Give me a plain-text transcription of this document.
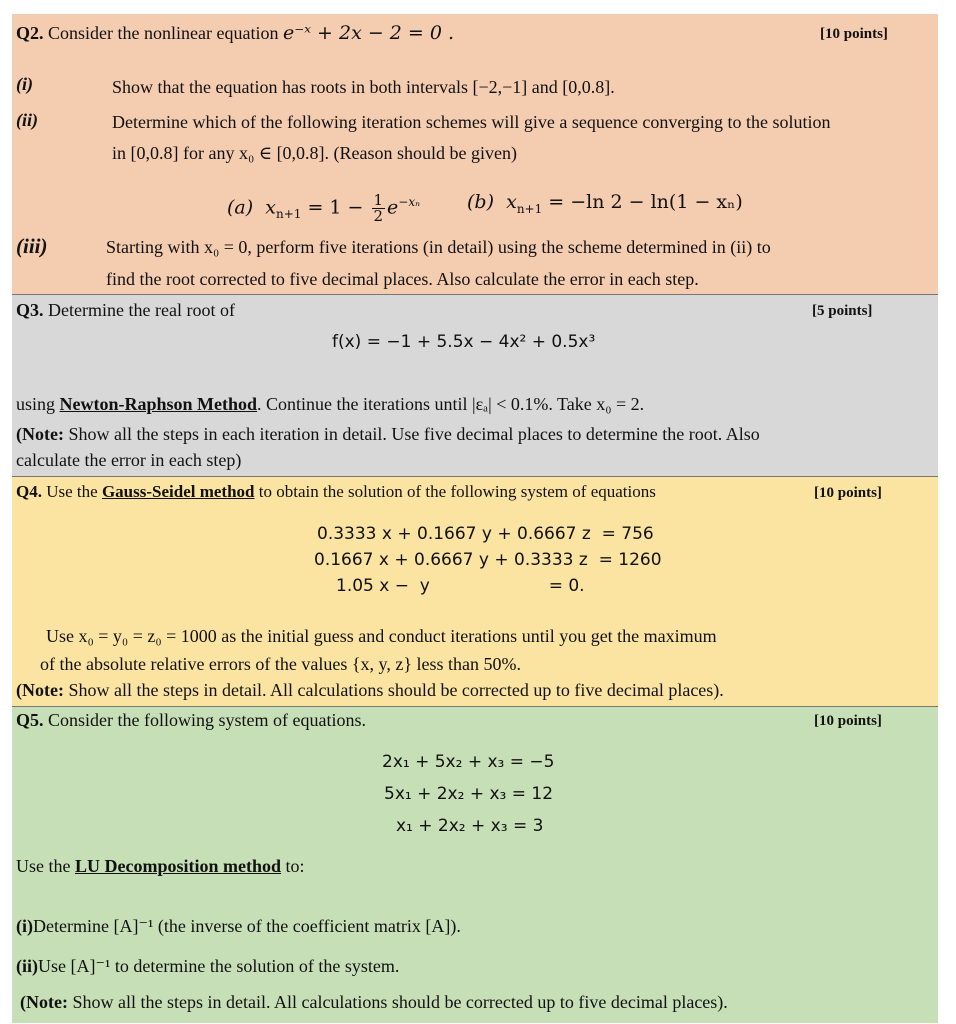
Q2. Consider the nonlinear equation e⁻ˣ + 2x − 2 = 0 .	[10 points]
(i)	Show that the equation has roots in both intervals [−2,−1] and [0,0.8].
(ii)	Determine which of the following iteration schemes will give a sequence converging to the solution
in [0,0.8] for any x₀ ∈ [0,0.8]. (Reason should be given)
(a) $x_{n+1} = 1 - \frac{1}{2} e^{-x_n}$ (b) $x_{n+1} = -\ln$ 2 − ln(1 − xₙ)
(iii)	Starting with x₀ = 0, perform five iterations (in detail) using the scheme determined in (ii) to
find the root corrected to five decimal places. Also calculate the error in each step.
Q3. Determine the real root of	[5 points]
f(x) = −1 + 5.5x − 4x² + 0.5x³
using Newton-Raphson Method. Continue the iterations until |εₐ| < 0.1%. Take x₀ = 2.
(Note: Show all the steps in each iteration in detail. Use five decimal places to determine the root. Also
calculate the error in each step)
Q4. Use the Gauss-Seidel method to obtain the solution of the following system of equations	[10 points]
0.3333 x + 0.1667 y + 0.6667 z  = 756
0.1667 x + 0.6667 y + 0.3333 z  = 1260
1.05 x −  y                      = 0.
Use x₀ = y₀ = z₀ = 1000 as the initial guess and conduct iterations until you get the maximum
of the absolute relative errors of the values {x, y, z} less than 50%.
(Note: Show all the steps in detail. All calculations should be corrected up to five decimal places).
Q5. Consider the following system of equations.	[10 points]
2x₁ + 5x₂ + x₃ = −5
5x₁ + 2x₂ + x₃ = 12
x₁ + 2x₂ + x₃ = 3
Use the LU Decomposition method to:
(i)Determine [A]⁻¹ (the inverse of the coefficient matrix [A]).
(ii)Use [A]⁻¹ to determine the solution of the system.
(Note: Show all the steps in detail. All calculations should be corrected up to five decimal places).
